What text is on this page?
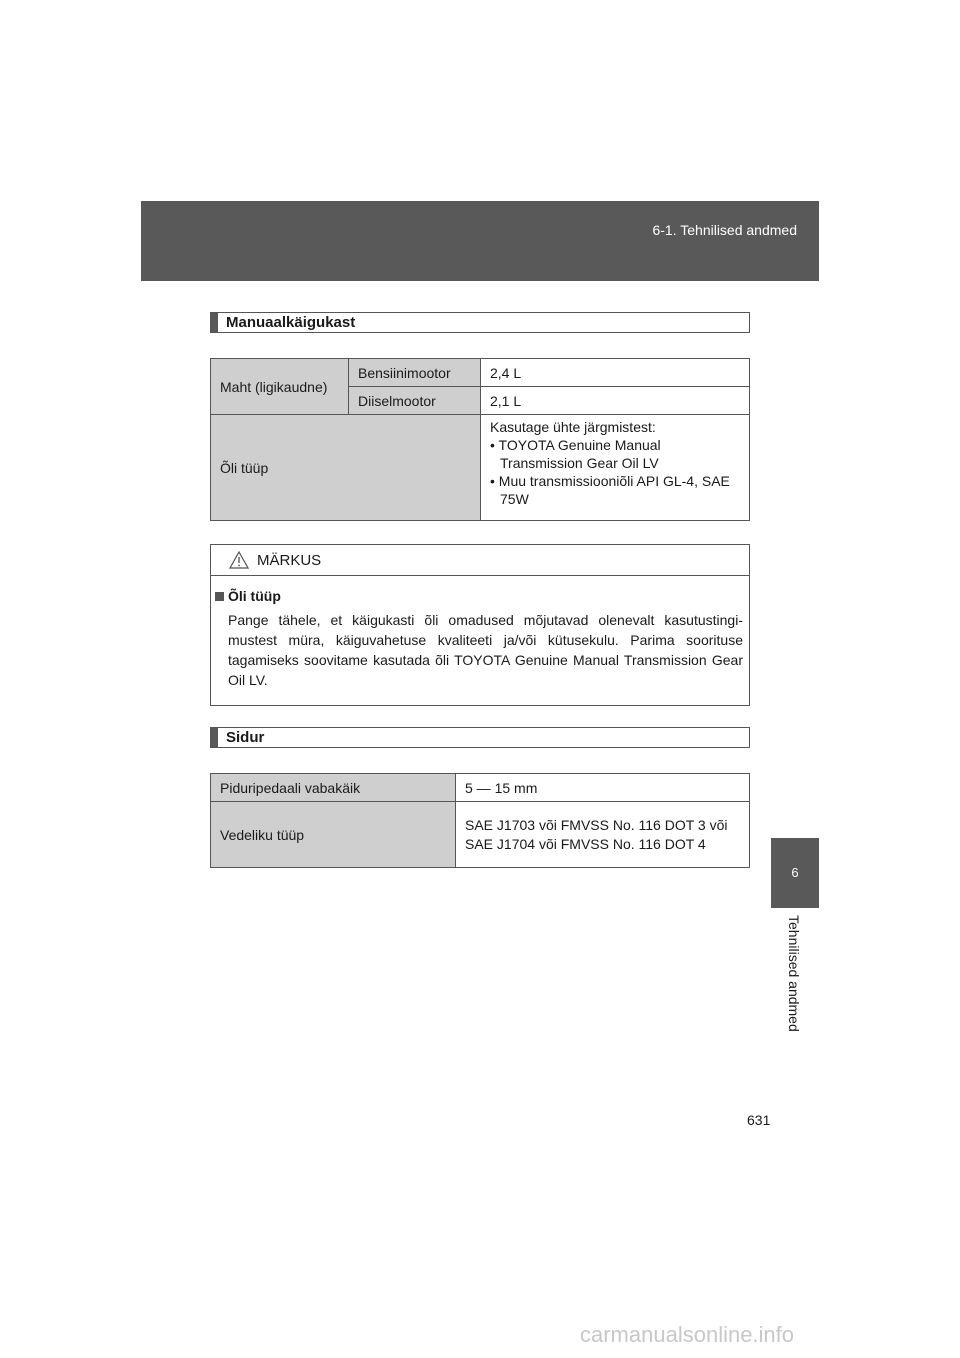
6-1. Tehnilised andmed
6
Tehnilised andmed
Manuaalkäigukast
Maht (ligikaudne)	Bensiinimootor	2,4 L
	Diiselmootor	2,1 L
Õli tüüp		Kasutage ühte järgmistest:
• TOYOTA Genuine Manual Transmission Gear Oil LV
• Muu transmissiooniõli API GL-4, SAE 75W
MÄRKUS
Õli tüüp
Pange tähele, et käigukasti õli omadused mõjutavad olenevalt kasutustingi-mustest müra, käiguvahetuse kvaliteeti ja/või kütusekulu. Parima soorituse tagamiseks soovitame kasutada õli TOYOTA Genuine Manual Transmission Gear Oil LV.
Sidur
Piduripedaali vabakäik	5 — 15 mm
Vedeliku tüüp	SAE J1703 või FMVSS No. 116 DOT 3 või SAE J1704 või FMVSS No. 116 DOT 4
631
carmanualsonline.info
